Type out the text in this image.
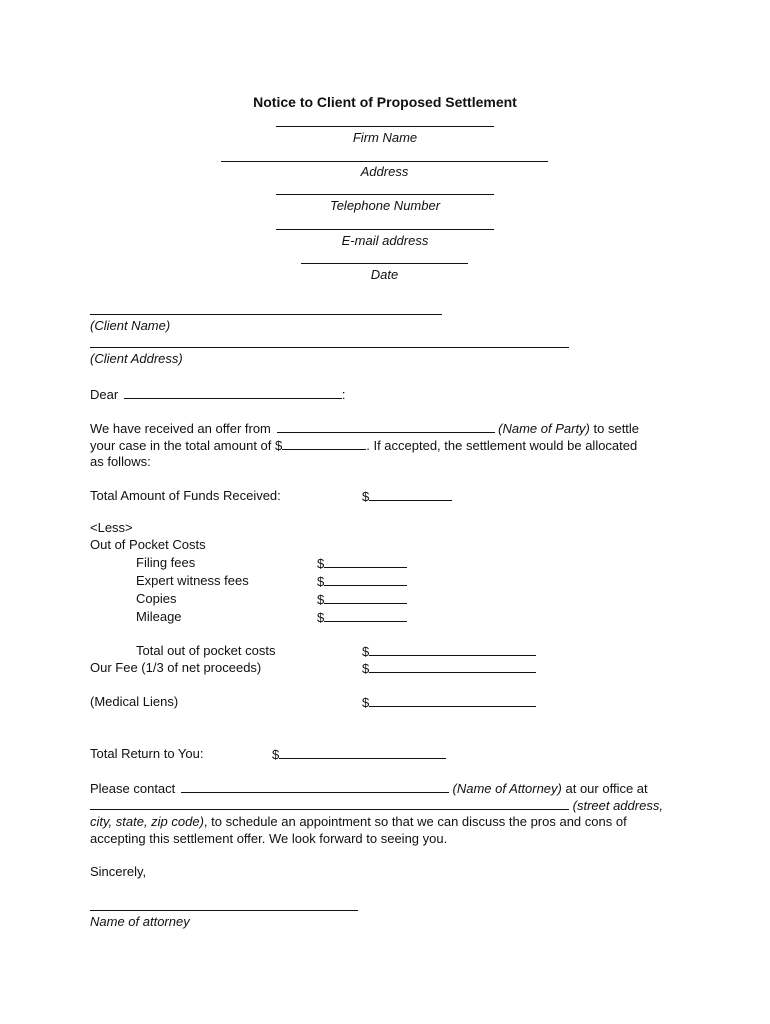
Notice to Client of Proposed Settlement
Firm Name
Address
Telephone Number
E-mail address
Date
(Client Name)
(Client Address)
Dear	:
We have received an offer from	(Name of Party) to settle
your case in the total amount of $	. If accepted, the settlement would be allocated
as follows:
Total Amount of Funds Received:	$
<Less>
Out of Pocket Costs
Filing fees	$
Expert witness fees	$
Copies	$
Mileage	$
Total out of pocket costs	$
Our Fee (1/3 of net proceeds)	$
(Medical Liens)	$
Total Return to You:	$
Please contact	(Name of Attorney) at our office at
(street address,
city, state, zip code), to schedule an appointment so that we can discuss the pros and cons of
accepting this settlement offer. We look forward to seeing you.
Sincerely,
Name of attorney
